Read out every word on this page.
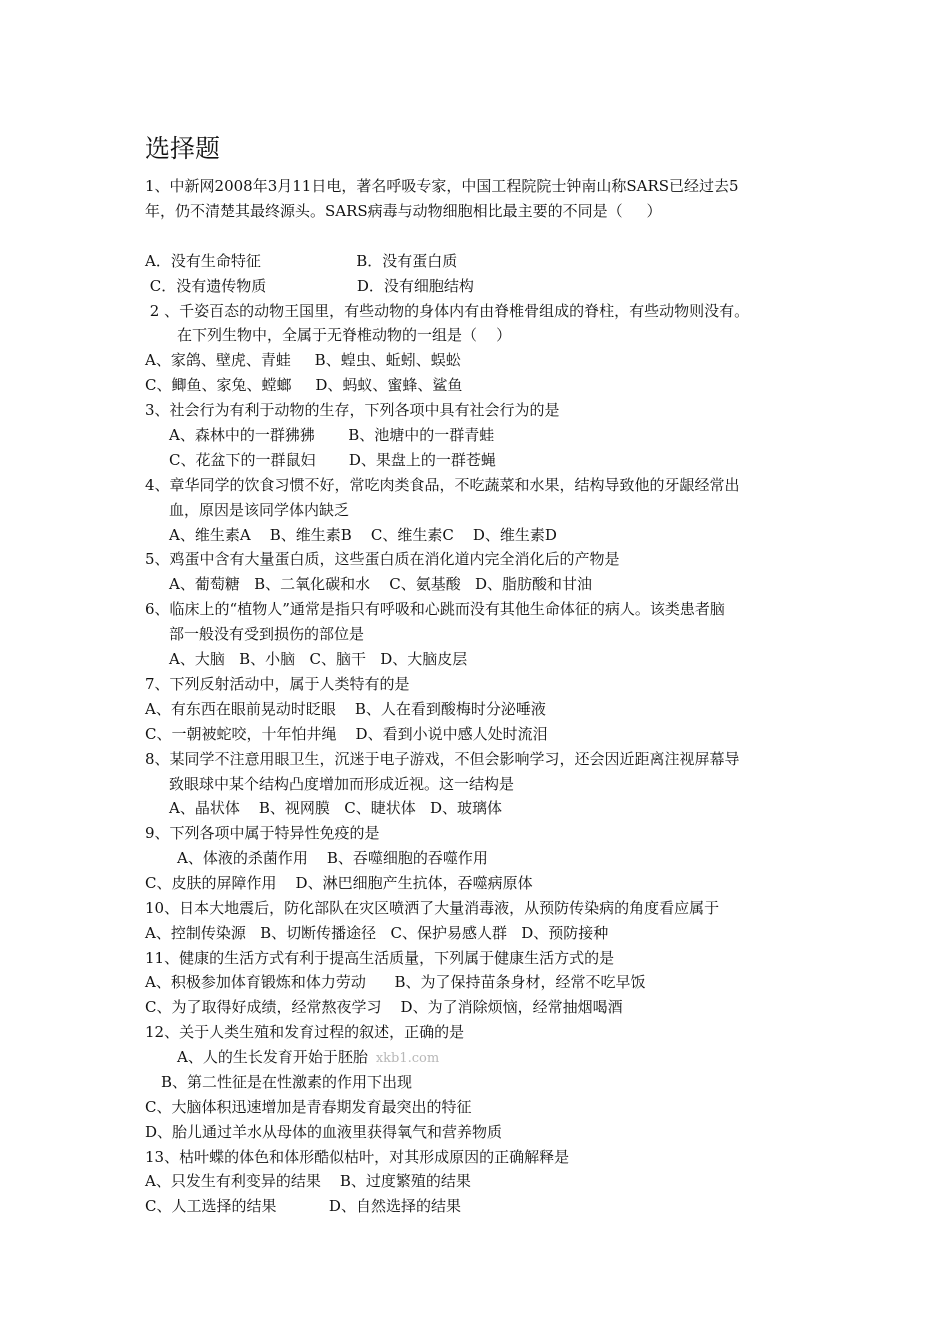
选择题
1、中新网2008年3月11日电，著名呼吸专家，中国工程院院士钟南山称SARS已经过去5
年，仍不清楚其最终源头。SARS病毒与动物细胞相比最主要的不同是（     ）
A．没有生命特征                    B．没有蛋白质
C．没有遗传物质                   D．没有细胞结构
2 、千姿百态的动物王国里，有些动物的身体内有由脊椎骨组成的脊柱，有些动物则没有。
在下列生物中，全属于无脊椎动物的一组是（    ）
A、家鸽、壁虎、青蛙     B、蝗虫、蚯蚓、蜈蚣
C、鲫鱼、家兔、螳螂     D、蚂蚁、蜜蜂、鲨鱼
3、社会行为有利于动物的生存，下列各项中具有社会行为的是
A、森林中的一群狒狒       B、池塘中的一群青蛙
C、花盆下的一群鼠妇       D、果盘上的一群苍蝇
4、章华同学的饮食习惯不好，常吃肉类食品，不吃蔬菜和水果，结构导致他的牙龈经常出
血，原因是该同学体内缺乏
A、维生素A    B、维生素B    C、维生素C    D、维生素D
5、鸡蛋中含有大量蛋白质，这些蛋白质在消化道内完全消化后的产物是
A、葡萄糖   B、二氧化碳和水    C、氨基酸   D、脂肪酸和甘油
6、临床上的“植物人”通常是指只有呼吸和心跳而没有其他生命体征的病人。该类患者脑
部一般没有受到损伤的部位是
A、大脑   B、小脑   C、脑干   D、大脑皮层
7、下列反射活动中，属于人类特有的是
A、有东西在眼前晃动时眨眼    B、人在看到酸梅时分泌唾液
C、一朝被蛇咬，十年怕井绳    D、看到小说中感人处时流泪
8、某同学不注意用眼卫生，沉迷于电子游戏，不但会影响学习，还会因近距离注视屏幕导
致眼球中某个结构凸度增加而形成近视。这一结构是
A、晶状体    B、视网膜   C、睫状体   D、玻璃体
9、下列各项中属于特异性免疫的是
A、体液的杀菌作用    B、吞噬细胞的吞噬作用
C、皮肤的屏障作用    D、淋巴细胞产生抗体，吞噬病原体
10、日本大地震后，防化部队在灾区喷洒了大量消毒液，从预防传染病的角度看应属于
A、控制传染源   B、切断传播途径   C、保护易感人群   D、预防接种
11、健康的生活方式有利于提高生活质量，下列属于健康生活方式的是
A、积极参加体育锻炼和体力劳动      B、为了保持苗条身材，经常不吃早饭
C、为了取得好成绩，经常熬夜学习    D、为了消除烦恼，经常抽烟喝酒
12、关于人类生殖和发育过程的叙述，正确的是
A、人的生长发育开始于胚胎 xkb1.com
B、第二性征是在性激素的作用下出现
C、大脑体积迅速增加是青春期发育最突出的特征
D、胎儿通过羊水从母体的血液里获得氧气和营养物质
13、枯叶蝶的体色和体形酷似枯叶，对其形成原因的正确解释是
A、只发生有利变异的结果    B、过度繁殖的结果
C、人工选择的结果           D、自然选择的结果
